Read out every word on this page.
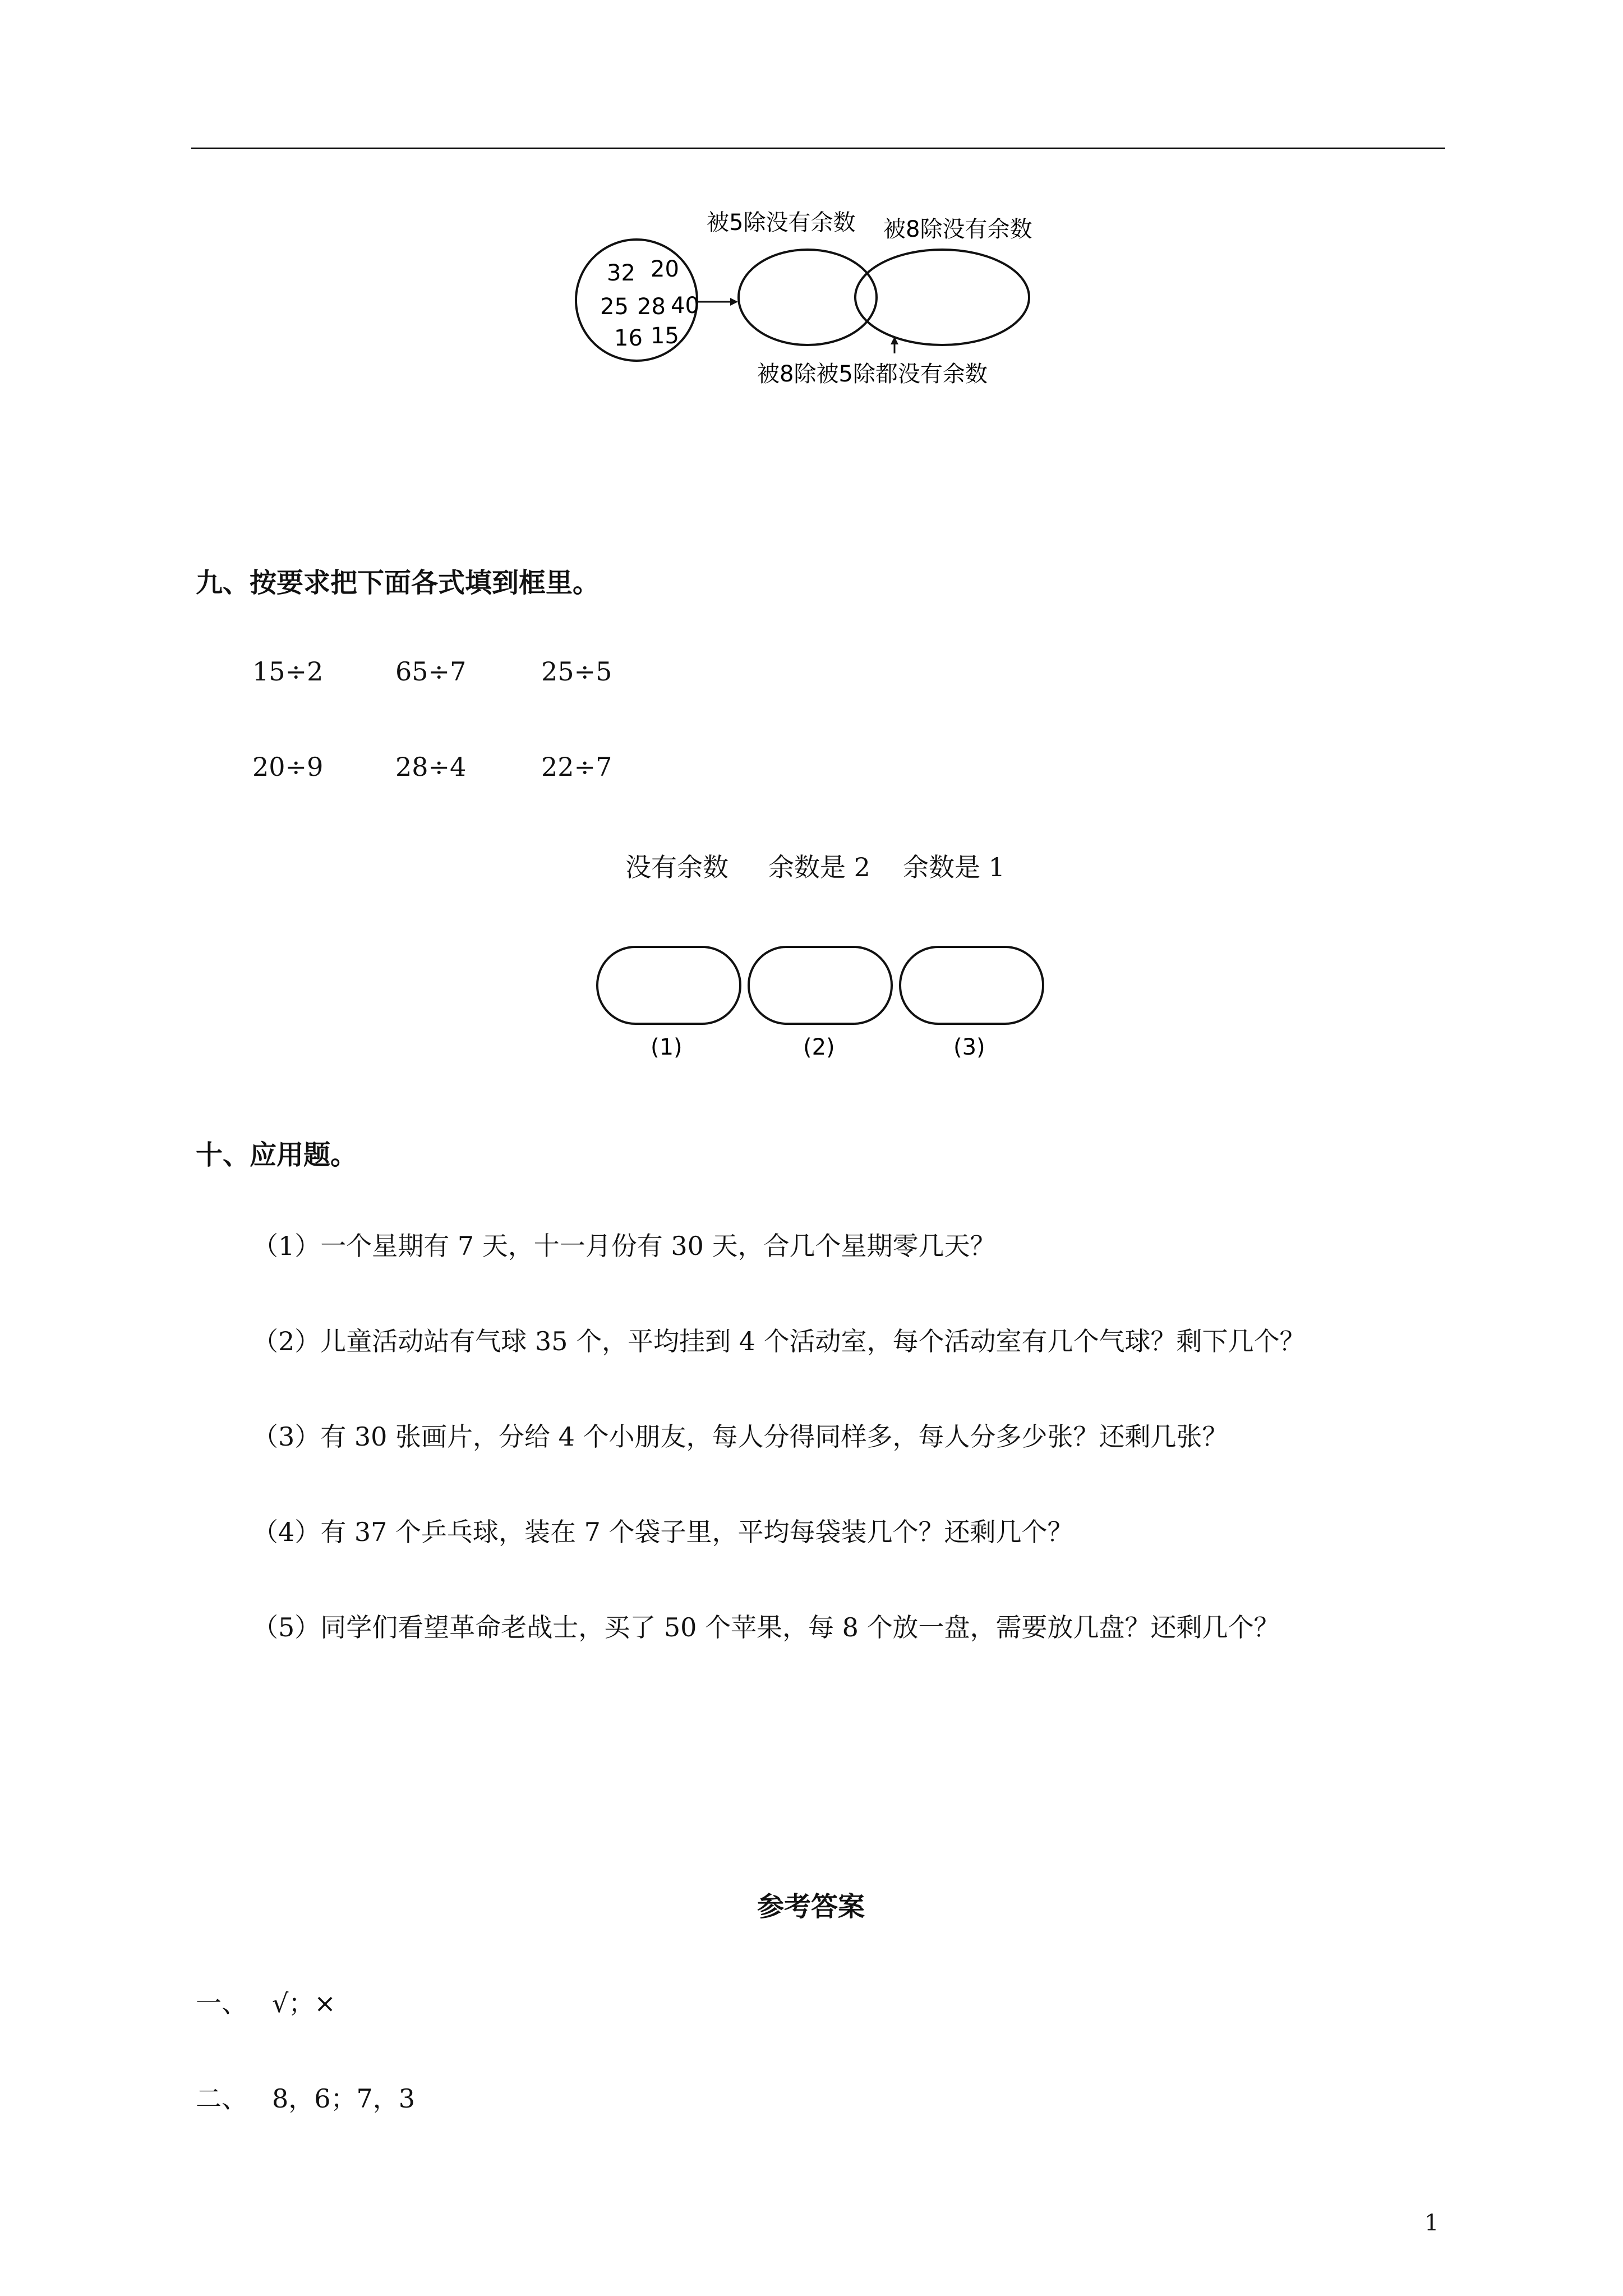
32 20
25 28 40
16 15
被5除没有余数 被8除没有余数
被8除被5除都没有余数
九、按要求把下面各式填到框里。
15÷2	65÷7	25÷5
20÷9	28÷4	22÷7
没有余数 余数是 2 余数是 1
(1)	(2)	(3)
十、应用题。
（1）一个星期有 7 天，十一月份有 30 天，合几个星期零几天？
（2）儿童活动站有气球 35 个，平均挂到 4 个活动室，每个活动室有几个气球？剩下几个？
（3）有 30 张画片，分给 4 个小朋友，每人分得同样多，每人分多少张？还剩几张？
（4）有 37 个乒乓球，装在 7 个袋子里，平均每袋装几个？还剩几个？
（5）同学们看望革命老战士，买了 50 个苹果，每 8 个放一盘，需要放几盘？还剩几个？
参考答案
一、 √；×
二、 8，6；7，3
1
